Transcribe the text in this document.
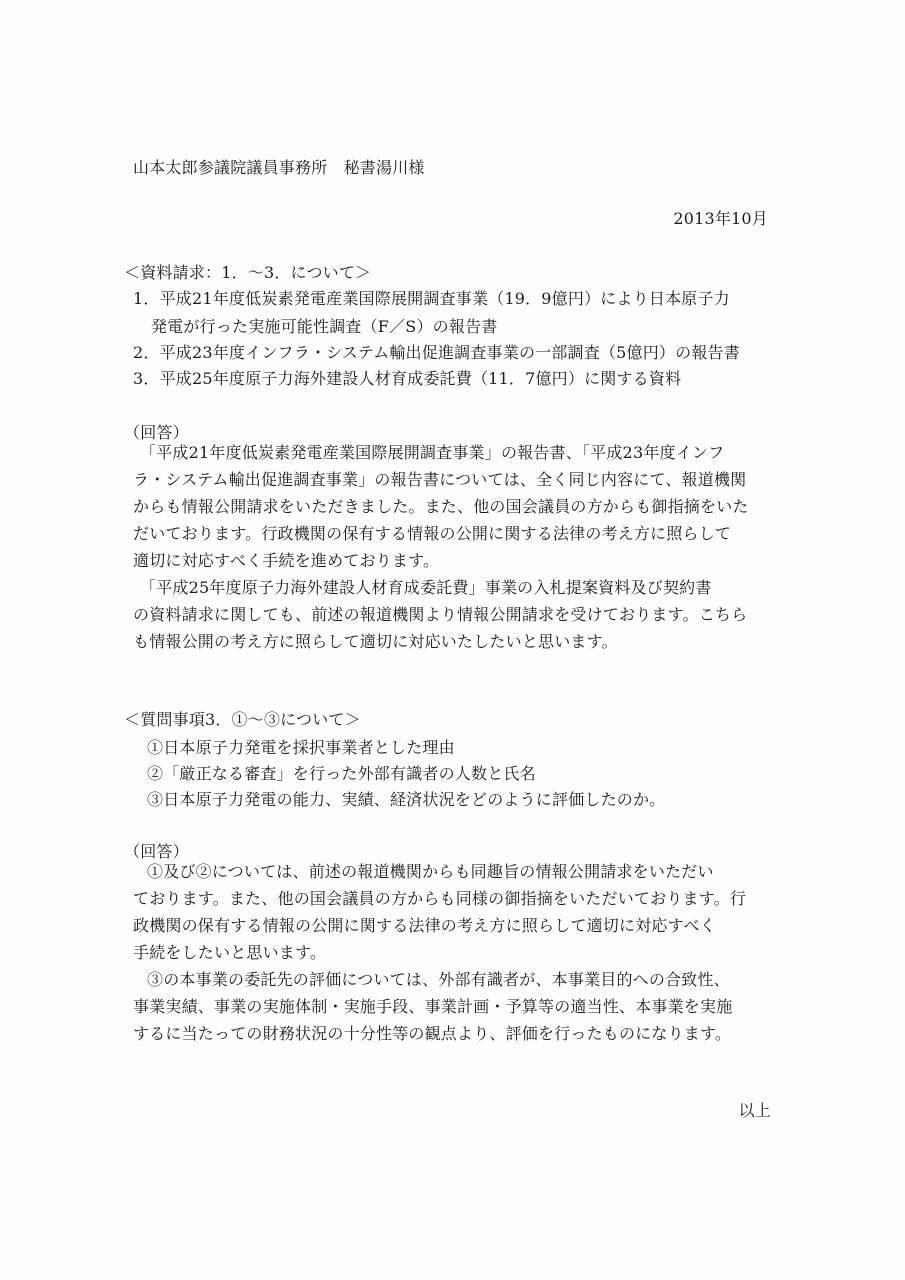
山本太郎参議院議員事務所　秘書湯川様
2013年10月
＜資料請求：1．～3．について＞
1．平成21年度低炭素発電産業国際展開調査事業（19．9億円）により日本原子力
発電が行った実施可能性調査（F／S）の報告書
2．平成23年度インフラ・システム輸出促進調査事業の一部調査（5億円）の報告書
3．平成25年度原子力海外建設人材育成委託費（11．7億円）に関する資料
（回答）
「平成21年度低炭素発電産業国際展開調査事業」の報告書、「平成23年度インフ
ラ・システム輸出促進調査事業」の報告書については、全く同じ内容にて、報道機関
からも情報公開請求をいただきました。また、他の国会議員の方からも御指摘をいた
だいております。行政機関の保有する情報の公開に関する法律の考え方に照らして
適切に対応すべく手続を進めております。
「平成25年度原子力海外建設人材育成委託費」事業の入札提案資料及び契約書
の資料請求に関しても、前述の報道機関より情報公開請求を受けております。こちら
も情報公開の考え方に照らして適切に対応いたしたいと思います。
＜質問事項3．①～③について＞
①日本原子力発電を採択事業者とした理由
②「厳正なる審査」を行った外部有識者の人数と氏名
③日本原子力発電の能力、実績、経済状況をどのように評価したのか。
（回答）
①及び②については、前述の報道機関からも同趣旨の情報公開請求をいただい
ております。また、他の国会議員の方からも同様の御指摘をいただいております。行
政機関の保有する情報の公開に関する法律の考え方に照らして適切に対応すべく
手続をしたいと思います。
③の本事業の委託先の評価については、外部有識者が、本事業目的への合致性、
事業実績、事業の実施体制・実施手段、事業計画・予算等の適当性、本事業を実施
するに当たっての財務状況の十分性等の観点より、評価を行ったものになります。
以上
